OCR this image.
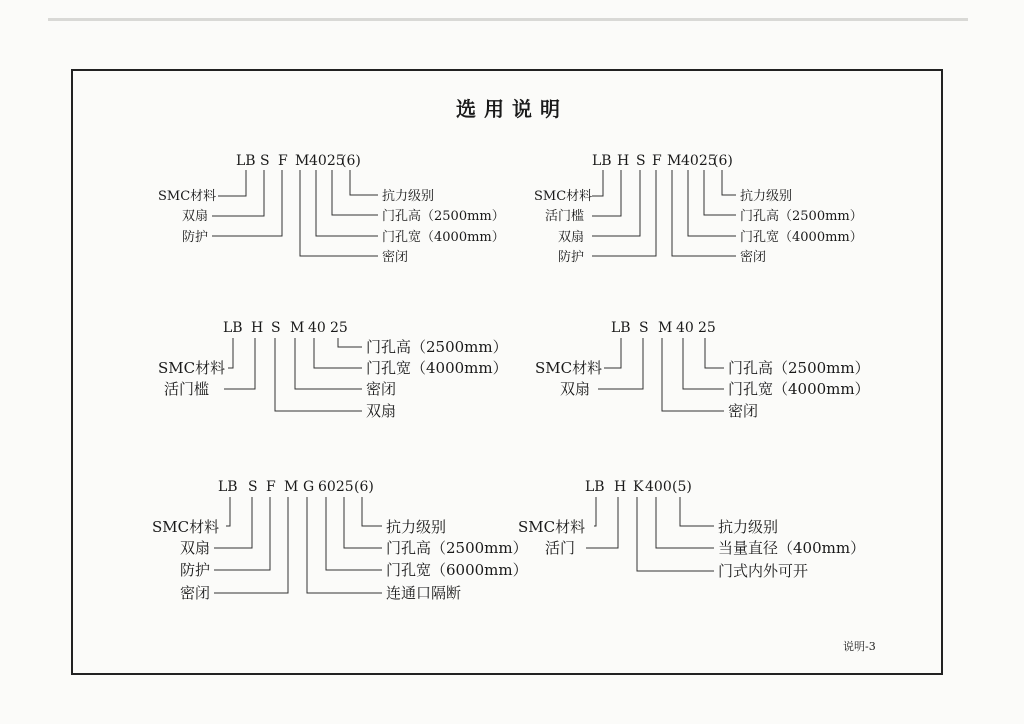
选用说明
说明-3
LB S F M 4025
(6)
SMC材料
双扇
防护
抗力级别
门孔高（2500mm）
门孔宽（4000mm）
密闭
LB H S F M 4025
(6)
SMC材料
活门槛
双扇
防护
抗力级别
门孔高（2500mm）
门孔宽（4000mm）
密闭
LB H S M 40 25
SMC材料
活门槛
门孔高（2500mm）
门孔宽（4000mm）
密闭
双扇
LB S M 40 25
SMC材料
双扇
门孔高（2500mm）
门孔宽（4000mm）
密闭
LB S F M G 6025 (6)
SMC材料
双扇
防护
密闭
抗力级别
门孔高（2500mm）
门孔宽（6000mm）
连通口隔断
LB H K 400 (5)
SMC材料
活门
抗力级别
当量直径（400mm）
门式内外可开
